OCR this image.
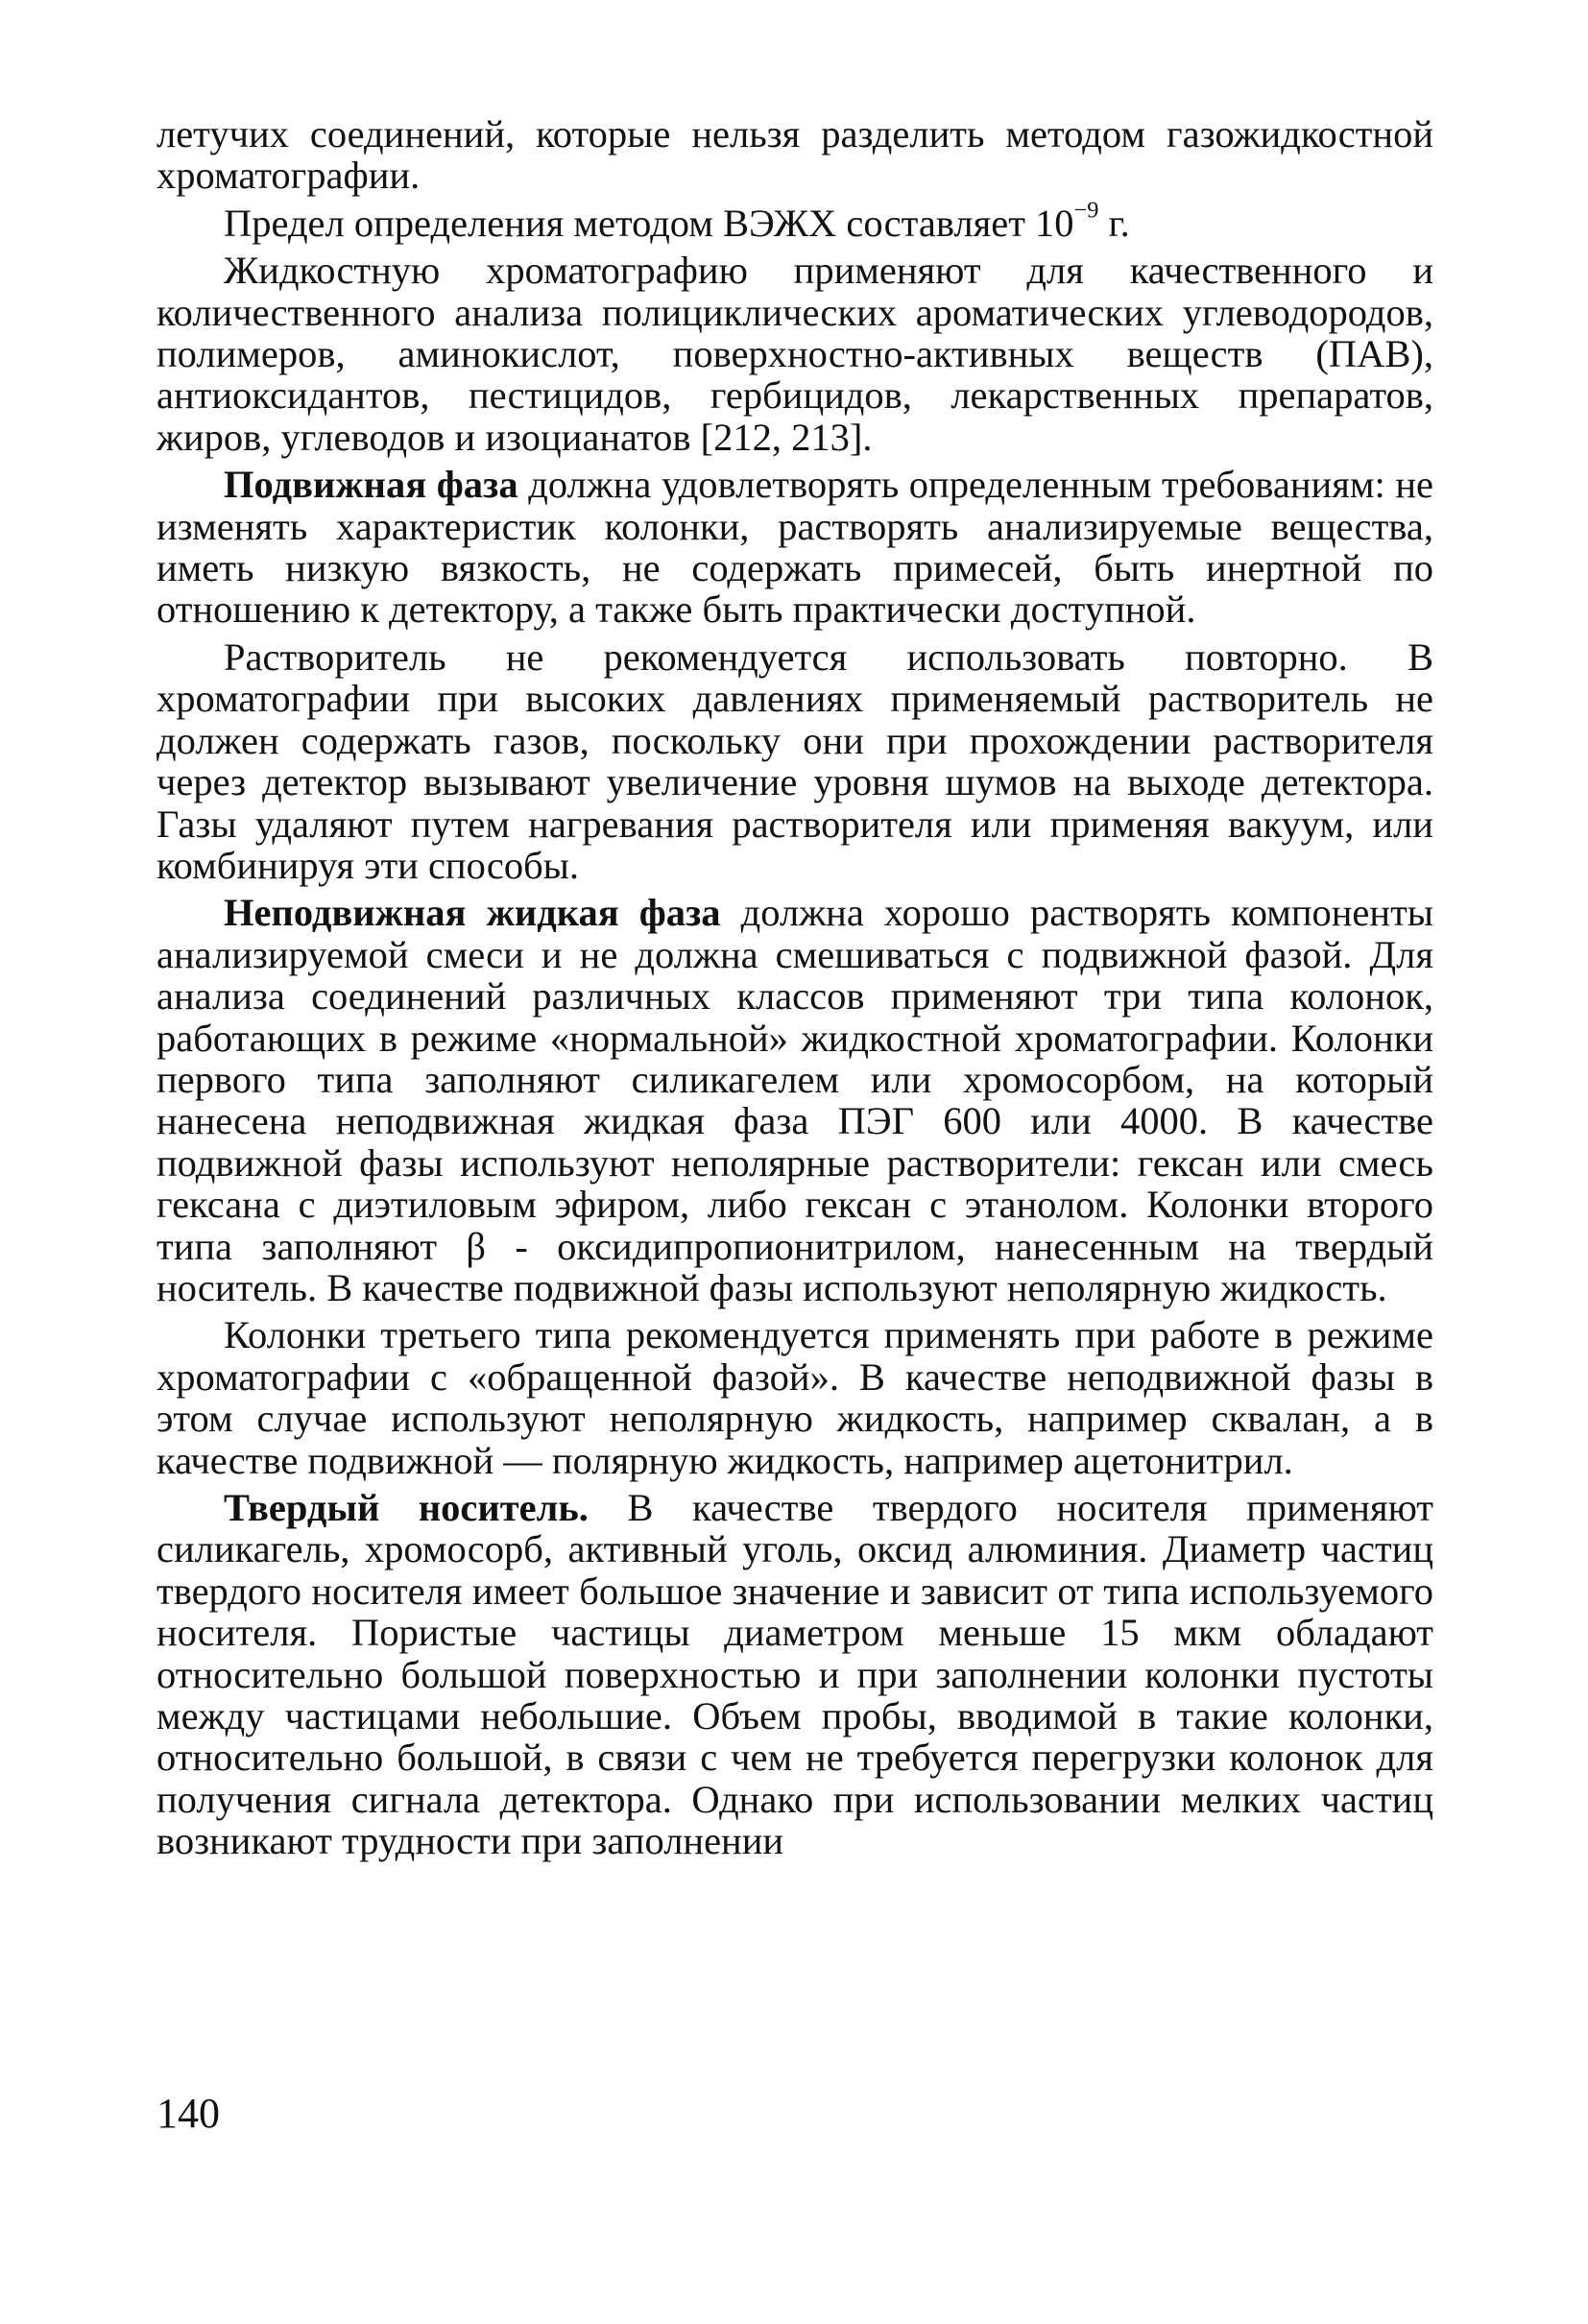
летучих соединений, которые нельзя разделить методом газожидкостной хроматографии.

Предел определения методом ВЭЖХ составляет $10^{-9}$ г.

Жидкостную хроматографию применяют для качественного и количественного анализа полициклических ароматических углеводородов, полимеров, аминокислот, поверхностно-активных веществ (ПАВ), антиоксидантов, пестицидов, гербицидов, лекарственных препаратов, жиров, углеводов и изоцианатов [212, 213].

Подвижная фаза должна удовлетворять определенным требованиям: не изменять характеристик колонки, растворять анализируемые вещества, иметь низкую вязкость, не содержать примесей, быть инертной по отношению к детектору, а также быть практически доступной.

Растворитель не рекомендуется использовать повторно. В хроматографии при высоких давлениях применяемый растворитель не должен содержать газов, поскольку они при прохождении растворителя через детектор вызывают увеличение уровня шумов на выходе детектора. Газы удаляют путем нагревания растворителя или применяя вакуум, или комбинируя эти способы.

Неподвижная жидкая фаза должна хорошо растворять компоненты анализируемой смеси и не должна смешиваться с подвижной фазой. Для анализа соединений различных классов применяют три типа колонок, работающих в режиме «нормальной» жидкостной хроматографии. Колонки первого типа заполняют силикагелем или хромосорбом, на который нанесена неподвижная жидкая фаза ПЭГ 600 или 4000. В качестве подвижной фазы используют неполярные растворители: гексан или смесь гексана с диэтиловым эфиром, либо гексан с этанолом. Колонки второго типа заполняют β - оксидипропионитрилом, нанесенным на твердый носитель. В качестве подвижной фазы используют неполярную жидкость.

Колонки третьего типа рекомендуется применять при работе в режиме хроматографии с «обращенной фазой». В качестве неподвижной фазы в этом случае используют неполярную жидкость, например сквалан, а в качестве подвижной — полярную жидкость, например ацетонитрил.

Твердый носитель. В качестве твердого носителя применяют силикагель, хромосорб, активный уголь, оксид алюминия. Диаметр частиц твердого носителя имеет большое значение и зависит от типа используемого носителя. Пористые частицы диаметром меньше 15 мкм обладают относительно большой поверхностью и при заполнении колонки пустоты между частицами небольшие. Объем пробы, вводимой в такие колонки, относительно большой, в связи с чем не требуется перегрузки колонок для получения сигнала детектора. Однако при использовании мелких частиц возникают трудности при заполнении

140
